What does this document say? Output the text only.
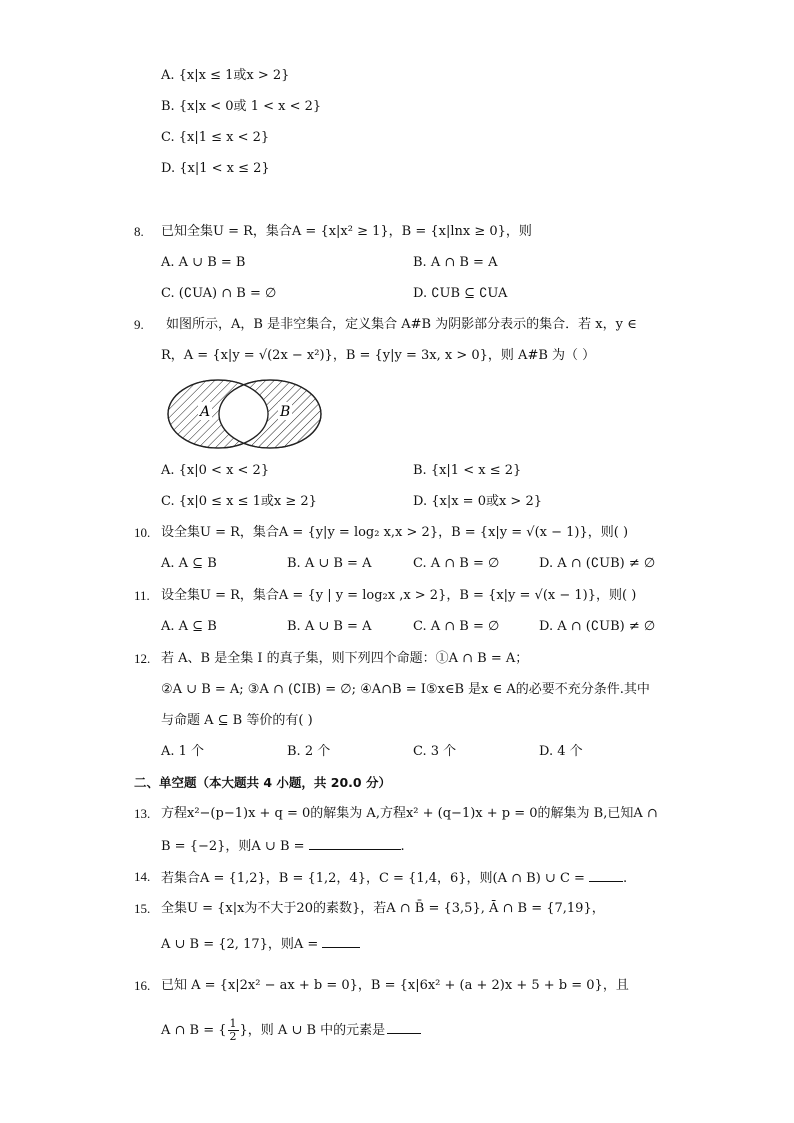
A. {x|x ≤ 1或x > 2}
B. {x|x < 0或 1 < x < 2}
C. {x|1 ≤ x < 2}
D. {x|1 < x ≤ 2}
8. 已知全集U = R，集合A = {x|x² ≥ 1}，B = {x|lnx ≥ 0}，则
A. A ∪ B = B	B. A ∩ B = A
C. (∁UA) ∩ B = ∅	D. ∁UB ⊆ ∁UA
9. 如图所示，A，B 是非空集合，定义集合 A#B 为阴影部分表示的集合．若 x，y ∈
R，A = {x|y = √(2x − x²)}，B = {y|y = 3x, x > 0}，则 A#B 为（ ）
A	B
A. {x|0 < x < 2}	B. {x|1 < x ≤ 2}
C. {x|0 ≤ x ≤ 1或x ≥ 2}	D. {x|x = 0或x > 2}
10. 设全集U = R，集合A = {y|y = log₂ x,x > 2}，B = {x|y = √(x − 1)}，则( )
A. A ⊆ B	B. A ∪ B = A	C. A ∩ B = ∅	D. A ∩ (∁UB) ≠ ∅
11. 设全集U = R，集合A = {y | y = log₂x ,x > 2}，B = {x|y = √(x − 1)}，则( )
A. A ⊆ B	B. A ∪ B = A	C. A ∩ B = ∅	D. A ∩ (∁UB) ≠ ∅
12. 若 A、B 是全集 I 的真子集，则下列四个命题：①A ∩ B = A；
②A ∪ B = A; ③A ∩ (∁IB) = ∅; ④A∩B = I⑤x∈B 是x ∈ A的必要不充分条件.其中
与命题 A ⊆ B 等价的有( )
A. 1 个	B. 2 个	C. 3 个	D. 4 个
二、单空题（本大题共 4 小题，共 20.0 分）
13. 方程x²−(p−1)x + q = 0的解集为 A,方程x² + (q−1)x + p = 0的解集为 B,已知A ∩
B = {−2}，则A ∪ B =	.
14. 若集合A = {1,2}，B = {1,2，4}，C = {1,4，6}，则(A ∩ B) ∪ C =	.
15. 全集U = {x|x为不大于20的素数}，若A ∩ B̄ = {3,5}, Ā ∩ B = {7,19}，
A ∪ B = {2, 17}，则A =
16. 已知 A = {x|2x² − ax + b = 0}，B = {x|6x² + (a + 2)x + 5 + b = 0}，且
A ∩ B = { $\frac{1}{2}$ }，则 A ∪ B 中的元素是
